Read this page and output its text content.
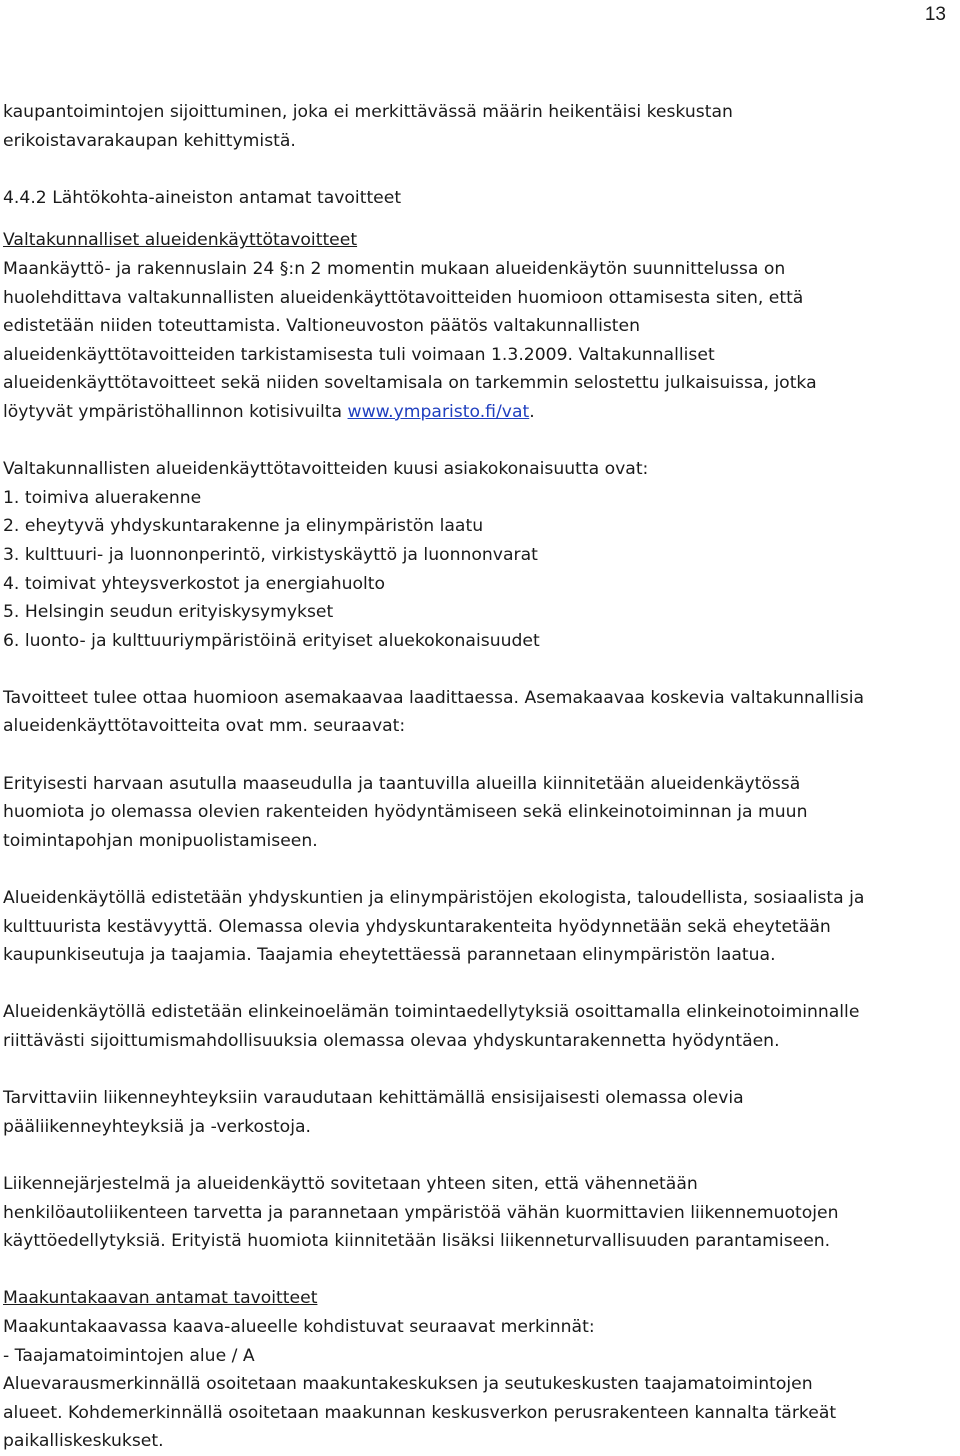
13

kaupantoimintojen sijoittuminen, joka ei merkittävässä määrin heikentäisi keskustan

erikoistavarakaupan kehittymistä.

4.4.2 Lähtökohta-aineiston antamat tavoitteet

Valtakunnalliset alueidenkäyttötavoitteet

Maankäyttö- ja rakennuslain 24 §:n 2 momentin mukaan alueidenkäytön suunnittelussa on

huolehdittava valtakunnallisten alueidenkäyttötavoitteiden huomioon ottamisesta siten, että

edistetään niiden toteuttamista. Valtioneuvoston päätös valtakunnallisten

alueidenkäyttötavoitteiden tarkistamisesta tuli voimaan 1.3.2009. Valtakunnalliset

alueidenkäyttötavoitteet sekä niiden soveltamisala on tarkemmin selostettu julkaisuissa, jotka

löytyvät ympäristöhallinnon kotisivuilta www.ymparisto.fi/vat.

Valtakunnallisten alueidenkäyttötavoitteiden kuusi asiakokonaisuutta ovat:

1. toimiva aluerakenne

2. eheytyvä yhdyskuntarakenne ja elinympäristön laatu

3. kulttuuri- ja luonnonperintö, virkistyskäyttö ja luonnonvarat

4. toimivat yhteysverkostot ja energiahuolto

5. Helsingin seudun erityiskysymykset

6. luonto- ja kulttuuriympäristöinä erityiset aluekokonaisuudet

Tavoitteet tulee ottaa huomioon asemakaavaa laadittaessa. Asemakaavaa koskevia valtakunnallisia

alueidenkäyttötavoitteita ovat mm. seuraavat:

Erityisesti harvaan asutulla maaseudulla ja taantuvilla alueilla kiinnitetään alueidenkäytössä

huomiota jo olemassa olevien rakenteiden hyödyntämiseen sekä elinkeinotoiminnan ja muun

toimintapohjan monipuolistamiseen.

Alueidenkäytöllä edistetään yhdyskuntien ja elinympäristöjen ekologista, taloudellista, sosiaalista ja

kulttuurista kestävyyttä. Olemassa olevia yhdyskuntarakenteita hyödynnetään sekä eheytetään

kaupunkiseutuja ja taajamia. Taajamia eheytettäessä parannetaan elinympäristön laatua.

Alueidenkäytöllä edistetään elinkeinoelämän toimintaedellytyksiä osoittamalla elinkeinotoiminnalle

riittävästi sijoittumismahdollisuuksia olemassa olevaa yhdyskuntarakennetta hyödyntäen.

Tarvittaviin liikenneyhteyksiin varaudutaan kehittämällä ensisijaisesti olemassa olevia

pääliikenneyhteyksiä ja -verkostoja.

Liikennejärjestelmä ja alueidenkäyttö sovitetaan yhteen siten, että vähennetään

henkilöautoliikenteen tarvetta ja parannetaan ympäristöä vähän kuormittavien liikennemuotojen

käyttöedellytyksiä. Erityistä huomiota kiinnitetään lisäksi liikenneturvallisuuden parantamiseen.

Maakuntakaavan antamat tavoitteet

Maakuntakaavassa kaava-alueelle kohdistuvat seuraavat merkinnät:

- Taajamatoimintojen alue / A

Aluevarausmerkinnällä osoitetaan maakuntakeskuksen ja seutukeskusten taajamatoimintojen

alueet. Kohdemerkinnällä osoitetaan maakunnan keskusverkon perusrakenteen kannalta tärkeät

paikalliskeskukset.
